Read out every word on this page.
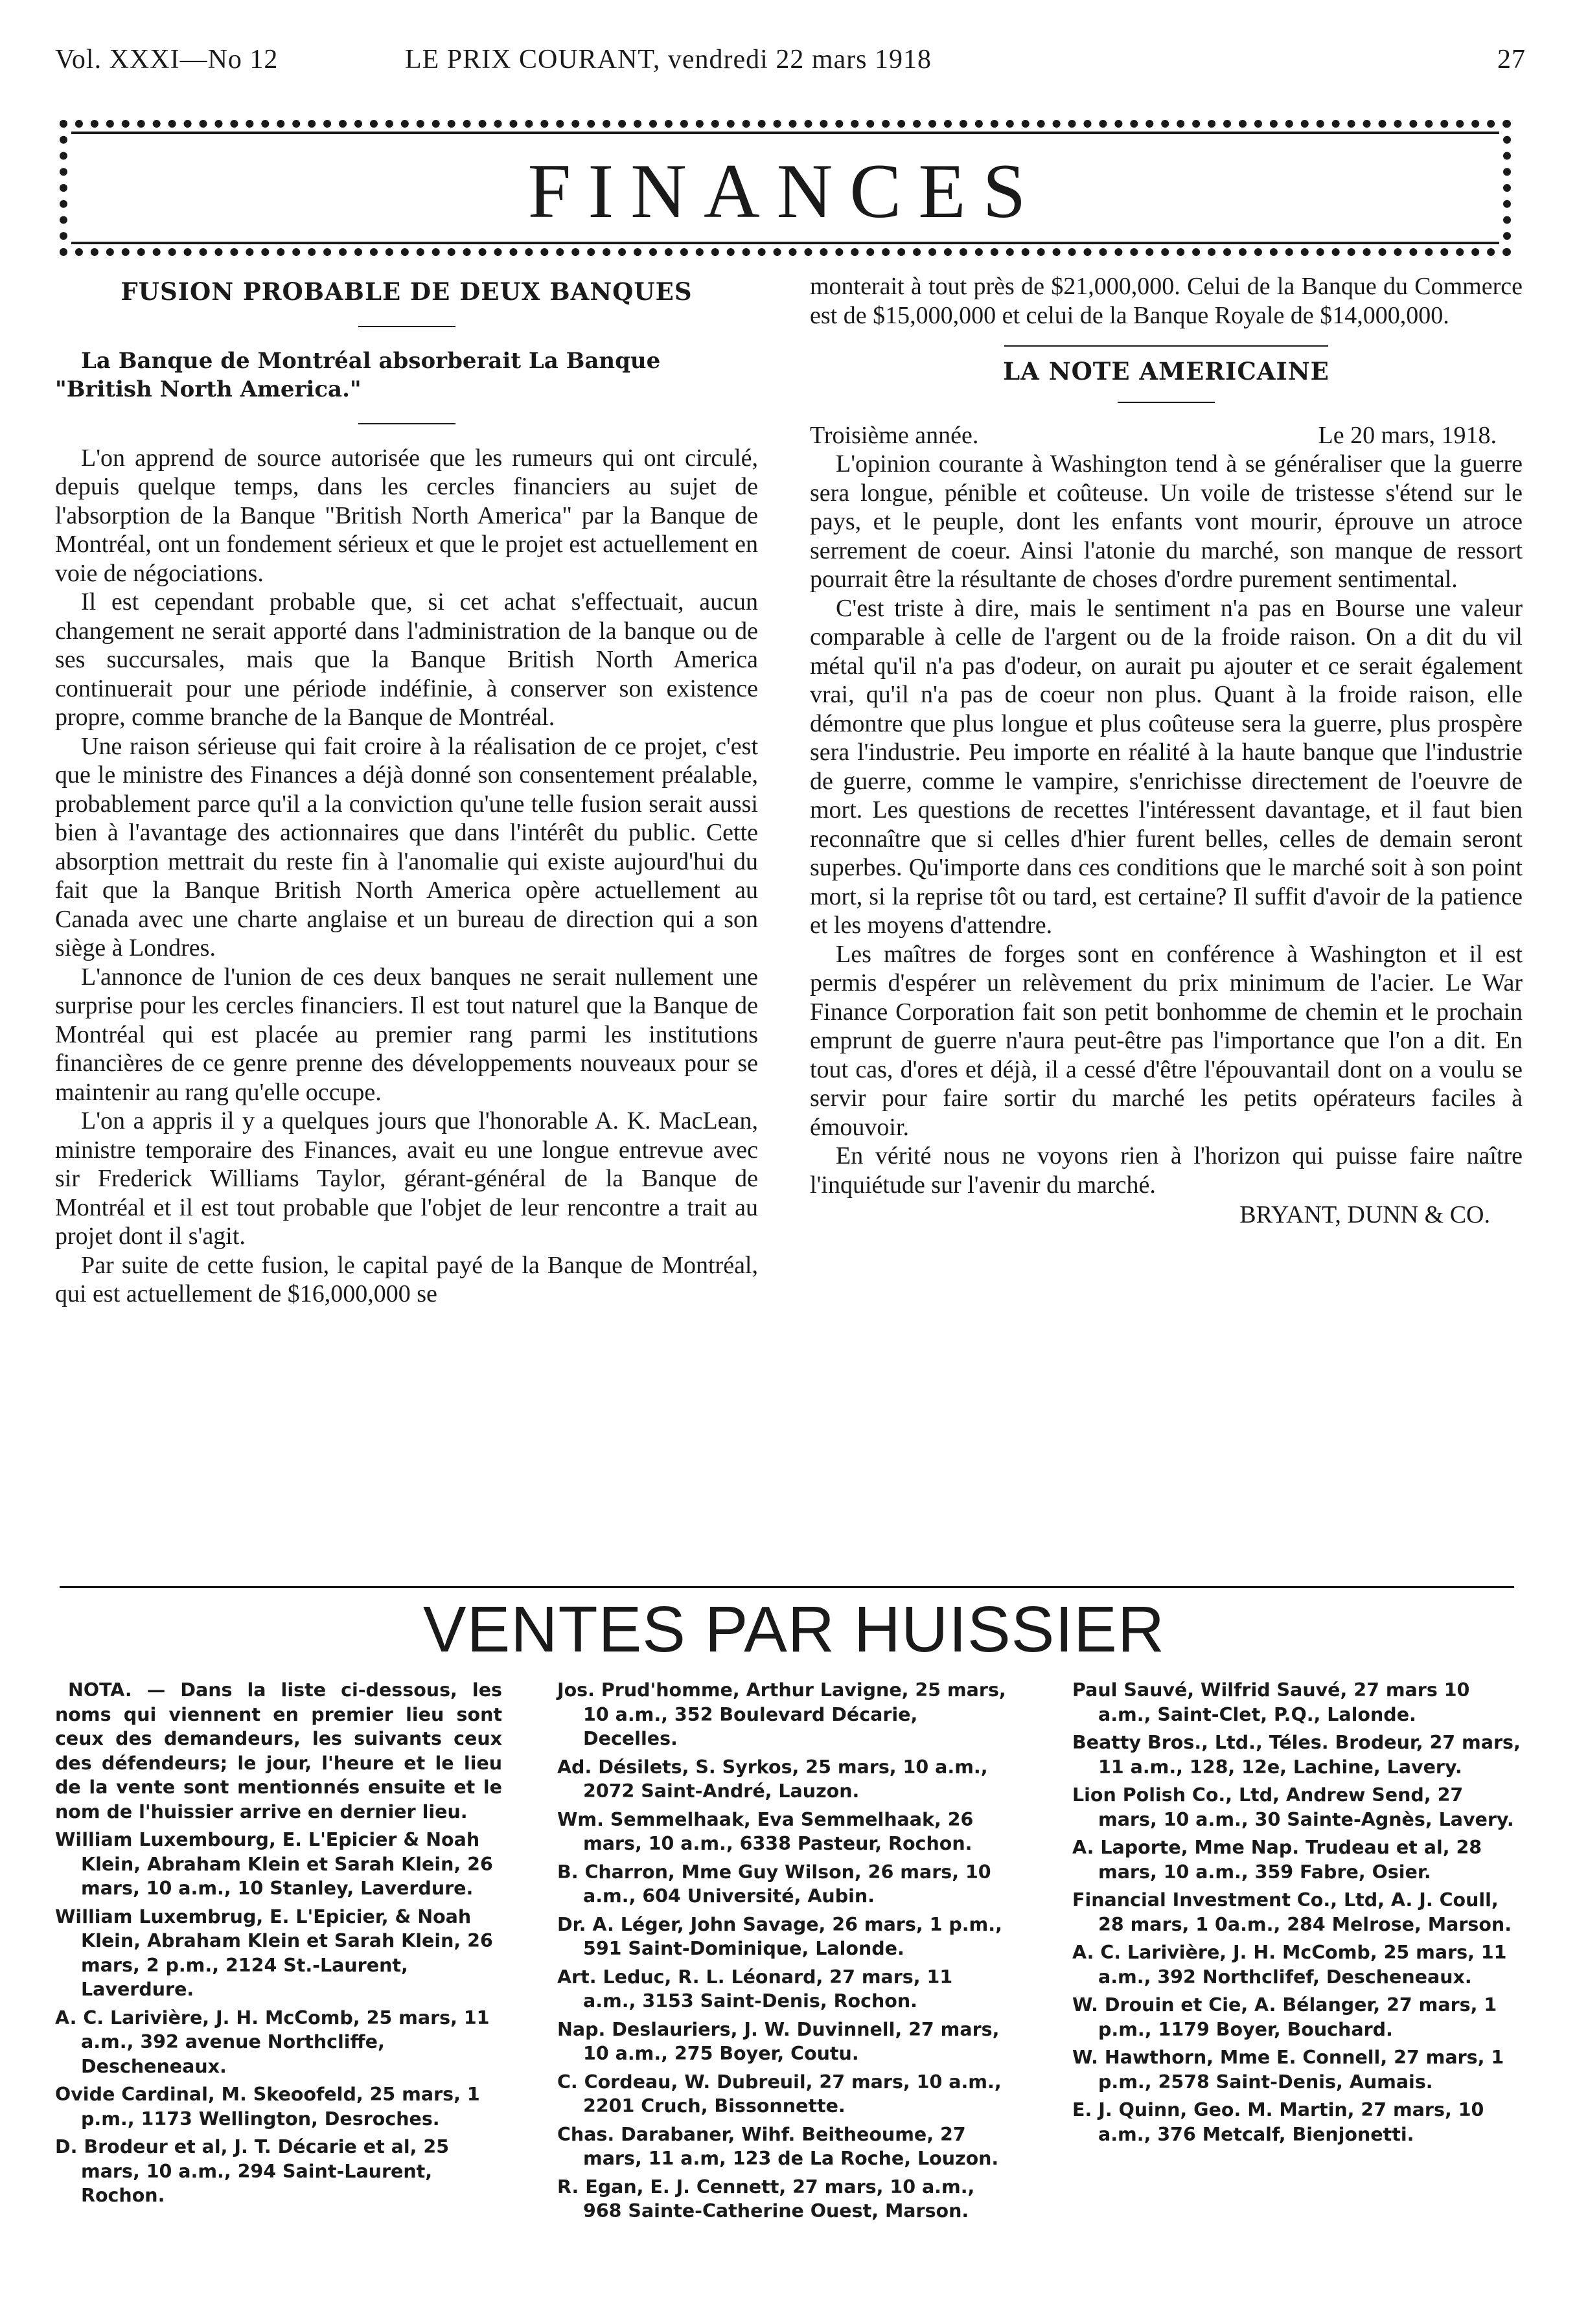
Vol. XXXI—No 12	LE PRIX COURANT, vendredi 22 mars 1918	27
FINANCES
FUSION PROBABLE DE DEUX BANQUES

La Banque de Montréal absorberait La Banque "British North America."

L'on apprend de source autorisée que les rumeurs qui ont circulé, depuis quelque temps, dans les cercles financiers au sujet de l'absorption de la Banque "British North America" par la Banque de Montréal, ont un fondement sérieux et que le projet est actuellement en voie de négociations.

Il est cependant probable que, si cet achat s'effectuait, aucun changement ne serait apporté dans l'administration de la banque ou de ses succursales, mais que la Banque British North America continuerait pour une période indéfinie, à conserver son existence propre, comme branche de la Banque de Montréal.

Une raison sérieuse qui fait croire à la réalisation de ce projet, c'est que le ministre des Finances a déjà donné son consentement préalable, probablement parce qu'il a la conviction qu'une telle fusion serait aussi bien à l'avantage des actionnaires que dans l'intérêt du public. Cette absorption mettrait du reste fin à l'anomalie qui existe aujourd'hui du fait que la Banque British North America opère actuellement au Canada avec une charte anglaise et un bureau de direction qui a son siège à Londres.

L'annonce de l'union de ces deux banques ne serait nullement une surprise pour les cercles financiers. Il est tout naturel que la Banque de Montréal qui est placée au premier rang parmi les institutions financières de ce genre prenne des développements nouveaux pour se maintenir au rang qu'elle occupe.

L'on a appris il y a quelques jours que l'honorable A. K. MacLean, ministre temporaire des Finances, avait eu une longue entrevue avec sir Frederick Williams Taylor, gérant-général de la Banque de Montréal et il est tout probable que l'objet de leur rencontre a trait au projet dont il s'agit.

Par suite de cette fusion, le capital payé de la Banque de Montréal, qui est actuellement de $16,000,000 se

monterait à tout près de $21,000,000. Celui de la Banque du Commerce est de $15,000,000 et celui de la Banque Royale de $14,000,000.

LA NOTE AMERICAINE
Troisième année.	Le 20 mars, 1918.

L'opinion courante à Washington tend à se généraliser que la guerre sera longue, pénible et coûteuse. Un voile de tristesse s'étend sur le pays, et le peuple, dont les enfants vont mourir, éprouve un atroce serrement de coeur. Ainsi l'atonie du marché, son manque de ressort pourrait être la résultante de choses d'ordre purement sentimental.

C'est triste à dire, mais le sentiment n'a pas en Bourse une valeur comparable à celle de l'argent ou de la froide raison. On a dit du vil métal qu'il n'a pas d'odeur, on aurait pu ajouter et ce serait également vrai, qu'il n'a pas de coeur non plus. Quant à la froide raison, elle démontre que plus longue et plus coûteuse sera la guerre, plus prospère sera l'industrie. Peu importe en réalité à la haute banque que l'industrie de guerre, comme le vampire, s'enrichisse directement de l'oeuvre de mort. Les questions de recettes l'intéressent davantage, et il faut bien reconnaître que si celles d'hier furent belles, celles de demain seront superbes. Qu'importe dans ces conditions que le marché soit à son point mort, si la reprise tôt ou tard, est certaine? Il suffit d'avoir de la patience et les moyens d'attendre.

Les maîtres de forges sont en conférence à Washington et il est permis d'espérer un relèvement du prix minimum de l'acier. Le War Finance Corporation fait son petit bonhomme de chemin et le prochain emprunt de guerre n'aura peut-être pas l'importance que l'on a dit. En tout cas, d'ores et déjà, il a cessé d'être l'épouvantail dont on a voulu se servir pour faire sortir du marché les petits opérateurs faciles à émouvoir.

En vérité nous ne voyons rien à l'horizon qui puisse faire naître l'inquiétude sur l'avenir du marché.

BRYANT, DUNN & CO.
VENTES PAR HUISSIER

NOTA. — Dans la liste ci-dessous, les noms qui viennent en premier lieu sont ceux des demandeurs, les suivants ceux des défendeurs; le jour, l'heure et le lieu de la vente sont mentionnés ensuite et le nom de l'huissier arrive en dernier lieu.

William Luxembourg, E. L'Epicier & Noah Klein, Abraham Klein et Sarah Klein, 26 mars, 10 a.m., 10 Stanley, Laverdure.

William Luxembrug, E. L'Epicier, & Noah Klein, Abraham Klein et Sarah Klein, 26 mars, 2 p.m., 2124 St.-Laurent, Laverdure.

A. C. Larivière, J. H. McComb, 25 mars, 11 a.m., 392 avenue Northcliffe, Descheneaux.

Ovide Cardinal, M. Skeoofeld, 25 mars, 1 p.m., 1173 Wellington, Desroches.

D. Brodeur et al, J. T. Décarie et al, 25 mars, 10 a.m., 294 Saint-Laurent, Rochon.

Jos. Prud'homme, Arthur Lavigne, 25 mars, 10 a.m., 352 Boulevard Décarie, Decelles.

Ad. Désilets, S. Syrkos, 25 mars, 10 a.m., 2072 Saint-André, Lauzon.

Wm. Semmelhaak, Eva Semmelhaak, 26 mars, 10 a.m., 6338 Pasteur, Rochon.

B. Charron, Mme Guy Wilson, 26 mars, 10 a.m., 604 Université, Aubin.

Dr. A. Léger, John Savage, 26 mars, 1 p.m., 591 Saint-Dominique, Lalonde.

Art. Leduc, R. L. Léonard, 27 mars, 11 a.m., 3153 Saint-Denis, Rochon.

Nap. Deslauriers, J. W. Duvinnell, 27 mars, 10 a.m., 275 Boyer, Coutu.

C. Cordeau, W. Dubreuil, 27 mars, 10 a.m., 2201 Cruch, Bissonnette.

Chas. Darabaner, Wihf. Beitheoume, 27 mars, 11 a.m, 123 de La Roche, Louzon.

R. Egan, E. J. Cennett, 27 mars, 10 a.m., 968 Sainte-Catherine Ouest, Marson.

Paul Sauvé, Wilfrid Sauvé, 27 mars 10 a.m., Saint-Clet, P.Q., Lalonde.

Beatty Bros., Ltd., Téles. Brodeur, 27 mars, 11 a.m., 128, 12e, Lachine, Lavery.

Lion Polish Co., Ltd, Andrew Send, 27 mars, 10 a.m., 30 Sainte-Agnès, Lavery.

A. Laporte, Mme Nap. Trudeau et al, 28 mars, 10 a.m., 359 Fabre, Osier.

Financial Investment Co., Ltd, A. J. Coull, 28 mars, 1 0a.m., 284 Melrose, Marson.

A. C. Larivière, J. H. McComb, 25 mars, 11 a.m., 392 Northclifef, Descheneaux.

W. Drouin et Cie, A. Bélanger, 27 mars, 1 p.m., 1179 Boyer, Bouchard.

W. Hawthorn, Mme E. Connell, 27 mars, 1 p.m., 2578 Saint-Denis, Aumais.

E. J. Quinn, Geo. M. Martin, 27 mars, 10 a.m., 376 Metcalf, Bienjonetti.
